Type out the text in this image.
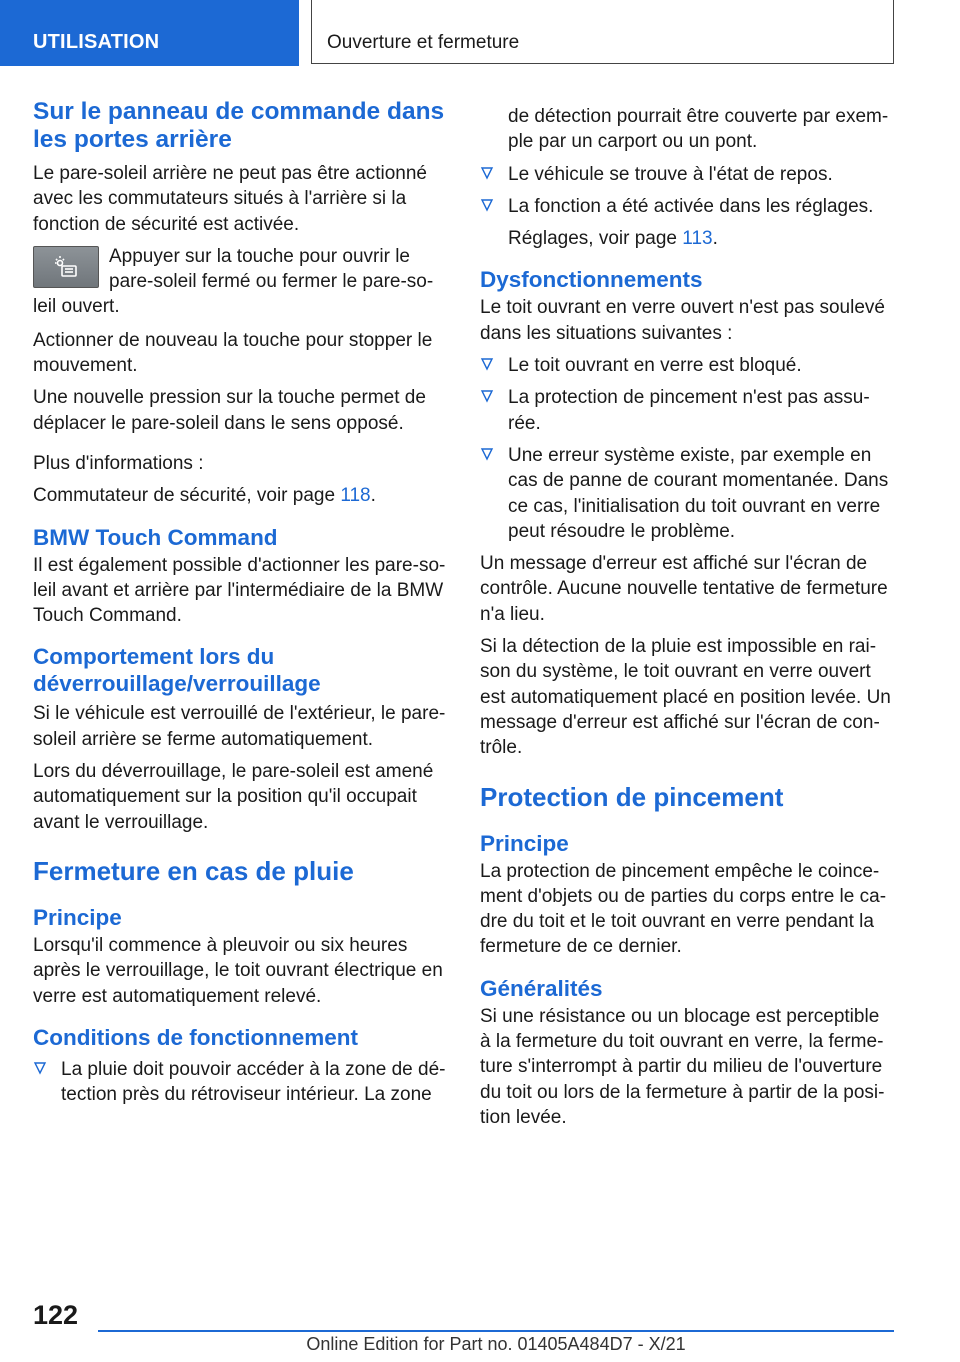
UTILISATION	Ouverture et fermeture
Sur le panneau de commande dans les portes arrière

Le pare-soleil arrière ne peut pas être actionné avec les commutateurs situés à l'arrière si la fonction de sécurité est activée.

Appuyer sur la touche pour ouvrir le pare-soleil fermé ou fermer le pare-so-leil ouvert.

Actionner de nouveau la touche pour stopper le mouvement.

Une nouvelle pression sur la touche permet de déplacer le pare-soleil dans le sens opposé.

Plus d'informations :

Commutateur de sécurité, voir page 118.

BMW Touch Command

Il est également possible d'actionner les pare-so-leil avant et arrière par l'intermédiaire de la BMW Touch Command.

Comportement lors du déverrouillage/verrouillage

Si le véhicule est verrouillé de l'extérieur, le pare-soleil arrière se ferme automatiquement.

Lors du déverrouillage, le pare-soleil est amené automatiquement sur la position qu'il occupait avant le verrouillage.

Fermeture en cas de pluie
Principe

Lorsqu'il commence à pleuvoir ou six heures après le verrouillage, le toit ouvrant électrique en verre est automatiquement relevé.

Conditions de fonctionnement
La pluie doit pouvoir accéder à la zone de dé-tection près du rétroviseur intérieur. La zone

de détection pourrait être couverte par exem-ple par un carport ou un pont.

Le véhicule se trouve à l'état de repos.
La fonction a été activée dans les réglages.

Réglages, voir page 113.

Dysfonctionnements

Le toit ouvrant en verre ouvert n'est pas soulevé dans les situations suivantes :

Le toit ouvrant en verre est bloqué.
La protection de pincement n'est pas assu-rée.
Une erreur système existe, par exemple en cas de panne de courant momentanée. Dans ce cas, l'initialisation du toit ouvrant en verre peut résoudre le problème.

Un message d'erreur est affiché sur l'écran de contrôle. Aucune nouvelle tentative de fermeture n'a lieu.

Si la détection de la pluie est impossible en rai-son du système, le toit ouvrant en verre ouvert est automatiquement placé en position levée. Un message d'erreur est affiché sur l'écran de con-trôle.

Protection de pincement
Principe

La protection de pincement empêche le coince-ment d'objets ou de parties du corps entre le ca-dre du toit et le toit ouvrant en verre pendant la fermeture de ce dernier.

Généralités

Si une résistance ou un blocage est perceptible à la fermeture du toit ouvrant en verre, la ferme-ture s'interrompt à partir du milieu de l'ouverture du toit ou lors de la fermeture à partir de la posi-tion levée.

122
Online Edition for Part no. 01405A484D7 - X/21
